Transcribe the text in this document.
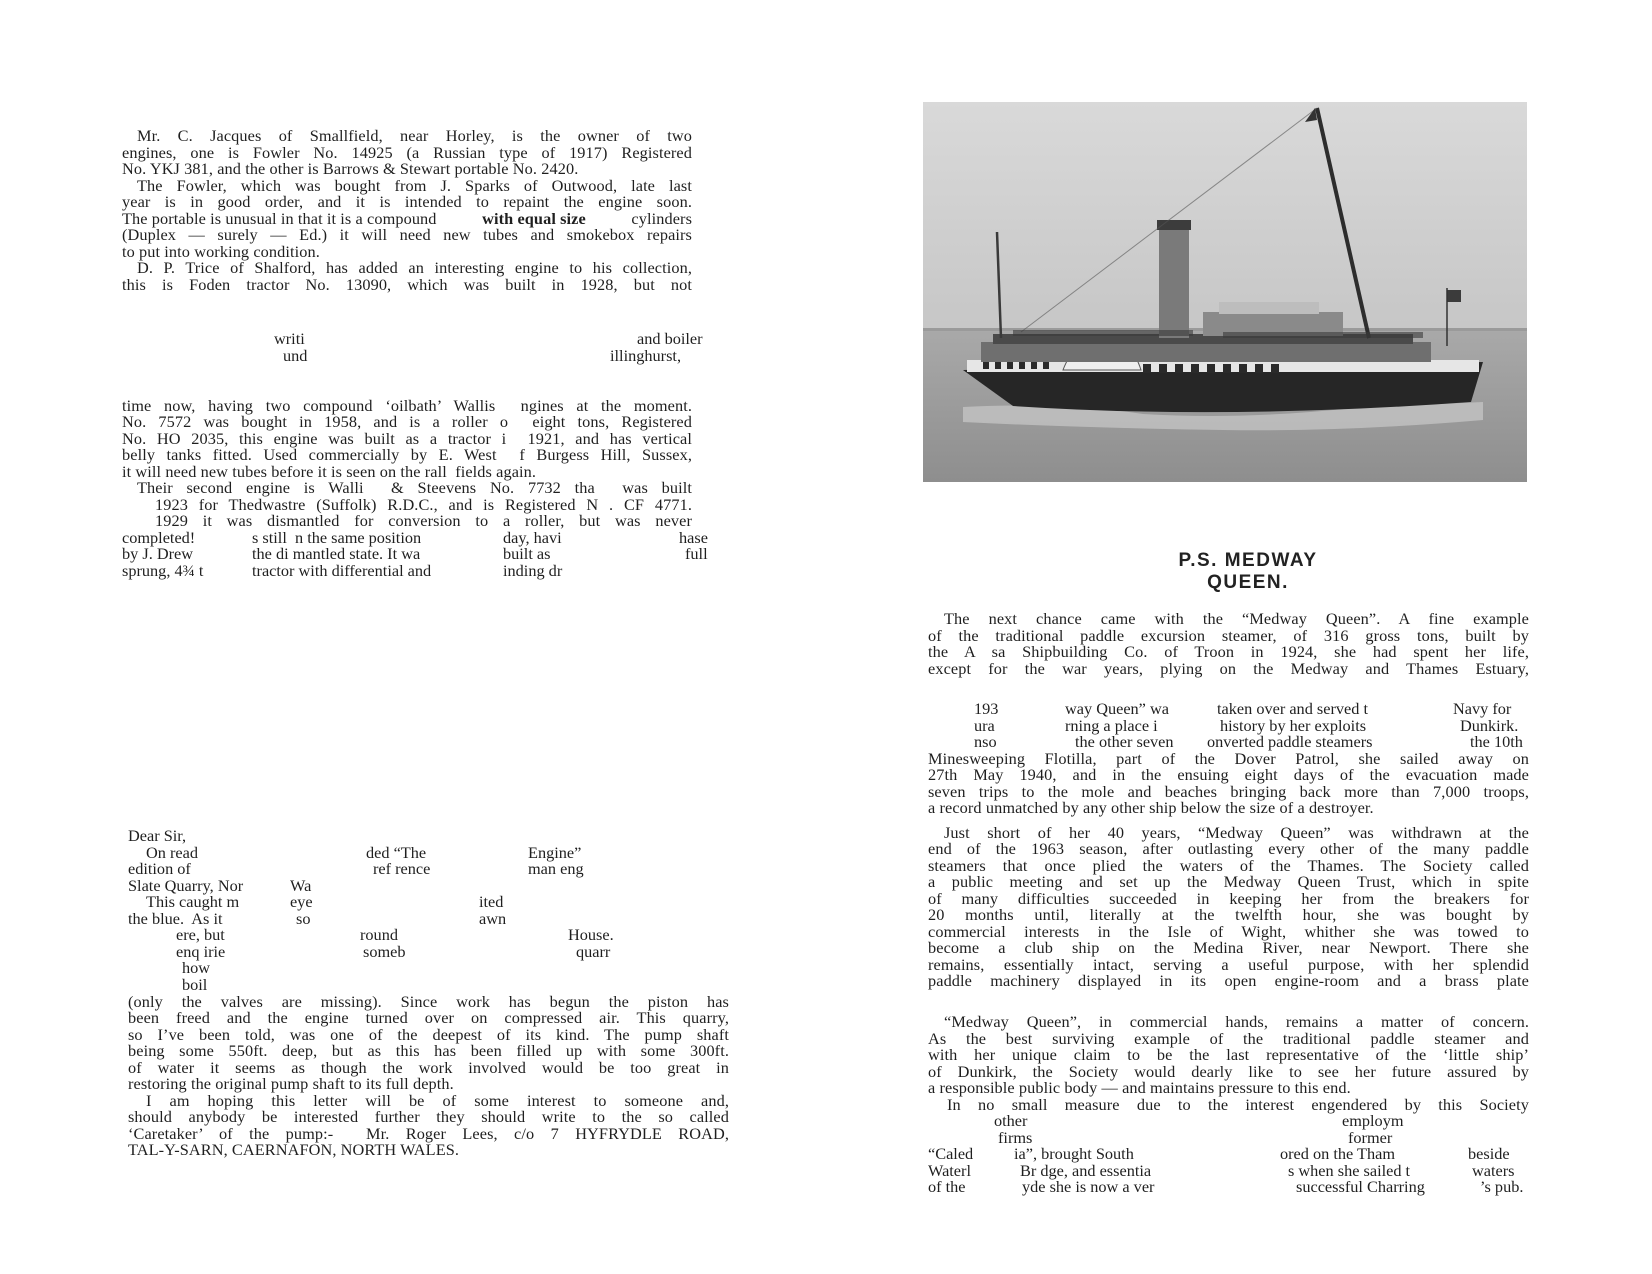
Mr. C. Jacques of Smallfield, near Horley, is the owner of two
engines, one is Fowler No. 14925 (a Russian type of 1917) Registered
No. YKJ 381, and the other is Barrows & Stewart portable No. 2420.
The Fowler, which was bought from J. Sparks of Outwood, late last
year is in good order, and it is intended to repaint the engine soon.
The portable is unusual in that it is a compound	with equal size	cylinders
(Duplex — surely — Ed.) it will need new tubes and smokebox repairs
to put into working condition.
D. P. Trice of Shalford, has added an interesting engine to his collection,
this is Foden tractor No. 13090, which was built in 1928, but not
writi
und
and boiler
illinghurst,
time now, having two compound ‘oilbath’ Wallis  ngines at the moment.
No. 7572 was bought in 1958, and is a roller o  eight tons, Registered
No. HO 2035, this engine was built as a tractor i  1921, and has vertical
belly tanks fitted. Used commercially by E. West  f Burgess Hill, Sussex,
it will need new tubes before it is seen on the rall  fields again.
Their second engine is Walli  & Steevens No. 7732 tha  was built
1923 for Thedwastre (Suffolk) R.D.C., and is Registered N . CF 4771.
1929 it was dismantled for conversion to a roller, but was never
completed!	s still  n the same position	day, havi	hase
by J. Drew	the di mantled state. It wa	built as	full
sprung, 4¾ t	tractor with differential and	inding dr
Dear Sir,
On read	ded “The	Engine”
edition of	ref rence	man eng
Slate Quarry, Nor	Wa
This caught m	eye	ited
the blue.  As it	so	awn
ere, but	round	House.
enq irie	someb	quarr
how
boil
(only the valves are missing). Since work has begun the piston has
been freed and the engine turned over on compressed air. This quarry,
so I’ve been told, was one of the deepest of its kind. The pump shaft
being some 550ft. deep, but as this has been filled up with some 300ft.
of water it seems as though the work involved would be too great in
restoring the original pump shaft to its full depth.
I am hoping this letter will be of some interest to someone and,
should anybody be interested further they should write to the so called
‘Caretaker’ of the pump:-  Mr. Roger Lees, c/o 7 HYFRYDLE ROAD,
TAL-Y-SARN, CAERNAFON, NORTH WALES.
P.S. MEDWAY QUEEN.
The next chance came with the “Medway Queen”. A fine example
of the traditional paddle excursion steamer, of 316 gross tons, built by
the A sa Shipbuilding Co. of Troon in 1924, she had spent her life,
except for the war years, plying on the Medway and Thames Estuary,
193	way Queen” wa	taken over and served t	Navy for
ura	rning a place i	history by her exploits	Dunkirk.
nso	the other seven onverted paddle steamers	the 10th
Minesweeping Flotilla, part of the Dover Patrol, she sailed away on
27th May 1940, and in the ensuing eight days of the evacuation made
seven trips to the mole and beaches bringing back more than 7,000 troops,
a record unmatched by any other ship below the size of a destroyer.
Just short of her 40 years, “Medway Queen” was withdrawn at the
end of the 1963 season, after outlasting every other of the many paddle
steamers that once plied the waters of the Thames. The Society called
a public meeting and set up the Medway Queen Trust, which in spite
of many difficulties succeeded in keeping her from the breakers for
20 months until, literally at the twelfth hour, she was bought by
commercial interests in the Isle of Wight, whither she was towed to
become a club ship on the Medina River, near Newport. There she
remains, essentially intact, serving a useful purpose, with her splendid
paddle machinery displayed in its open engine-room and a brass plate
“Medway Queen”, in commercial hands, remains a matter of concern.
As the best surviving example of the traditional paddle steamer and
with her unique claim to be the last representative of the ‘little ship’
of Dunkirk, the Society would dearly like to see her future assured by
a responsible public body — and maintains pressure to this end.
In no small measure due to the interest engendered by this Society
other	employm
firms	former
“Caled	ia”, brought South	ored on the Tham	beside
Waterl	Br dge, and essentia	s when she sailed t	waters
of the	yde she is now a ver	successful Charring	’s pub.
